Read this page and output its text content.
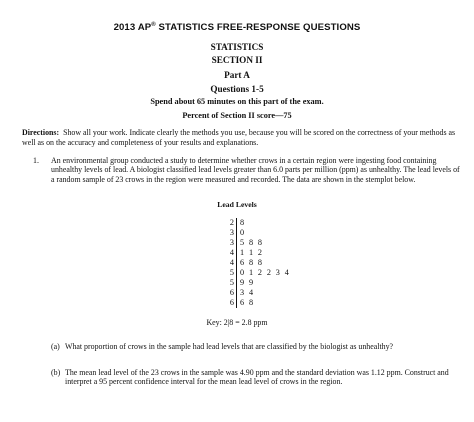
2013 AP® STATISTICS FREE-RESPONSE QUESTIONS
STATISTICS
SECTION II
Part A
Questions 1-5
Spend about 65 minutes on this part of the exam.
Percent of Section II score—75
Directions: Show all your work. Indicate clearly the methods you use, because you will be scored on the correctness of your methods as well as on the accuracy and completeness of your results and explanations.
1. An environmental group conducted a study to determine whether crows in a certain region were ingesting food containing unhealthy levels of lead. A biologist classified lead levels greater than 6.0 parts per million (ppm) as unhealthy. The lead levels of a random sample of 23 crows in the region were measured and recorded. The data are shown in the stemplot below.
Lead Levels
2 8
3 0
3 5 8 8
4 1 1 2
4 6 8 8
5 0 1 2 2 3 4
5 9 9
6 3 4
6 6 8
Key: 2|8 = 2.8 ppm
(a) What proportion of crows in the sample had lead levels that are classified by the biologist as unhealthy?
(b) The mean lead level of the 23 crows in the sample was 4.90 ppm and the standard deviation was 1.12 ppm. Construct and interpret a 95 percent confidence interval for the mean lead level of crows in the region.
